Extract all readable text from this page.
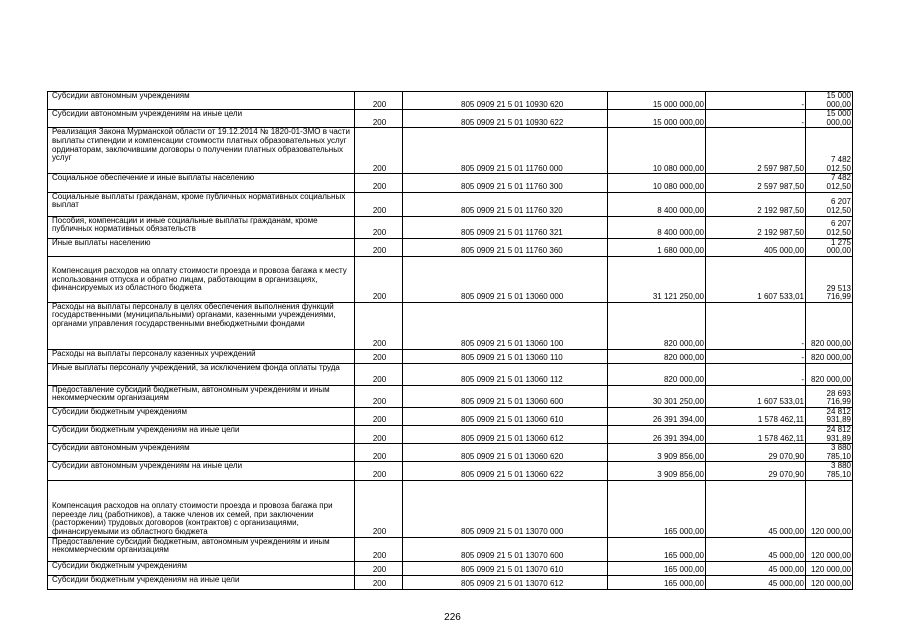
Субсидии автономным учреждениям	200	805 0909 21 5 01 10930 620	15 000 000,00	-	15 000 000,00
Субсидии автономным учреждениям на иные цели	200	805 0909 21 5 01 10930 622	15 000 000,00	-	15 000 000,00
Реализация Закона Мурманской области от 19.12.2014 № 1820-01-ЗМО в части выплаты стипендии и компенсации стоимости платных образовательных услуг ординаторам, заключившим договоры о получении платных образовательных услуг	200	805 0909 21 5 01 11760 000	10 080 000,00	2 597 987,50	7 482 012,50
Социальное обеспечение и иные выплаты населению	200	805 0909 21 5 01 11760 300	10 080 000,00	2 597 987,50	7 482 012,50
Социальные выплаты гражданам, кроме публичных нормативных социальных выплат	200	805 0909 21 5 01 11760 320	8 400 000,00	2 192 987,50	6 207 012,50
Пособия, компенсации и иные социальные выплаты гражданам, кроме публичных нормативных обязательств	200	805 0909 21 5 01 11760 321	8 400 000,00	2 192 987,50	6 207 012,50
Иные выплаты населению	200	805 0909 21 5 01 11760 360	1 680 000,00	405 000,00	1 275 000,00
Компенсация расходов на оплату стоимости проезда и провоза багажа к месту использования отпуска и обратно лицам, работающим в организациях, финансируемых из областного бюджета	200	805 0909 21 5 01 13060 000	31 121 250,00	1 607 533,01	29 513 716,99
Расходы на выплаты персоналу в целях обеспечения выполнения функций государственными (муниципальными) органами, казенными учреждениями, органами управления государственными внебюджетными фондами	200	805 0909 21 5 01 13060 100	820 000,00	-	820 000,00
Расходы на выплаты персоналу казенных учреждений	200	805 0909 21 5 01 13060 110	820 000,00	-	820 000,00
Иные выплаты персоналу учреждений, за исключением фонда оплаты труда	200	805 0909 21 5 01 13060 112	820 000,00	-	820 000,00
Предоставление субсидий бюджетным, автономным учреждениям и иным некоммерческим организациям	200	805 0909 21 5 01 13060 600	30 301 250,00	1 607 533,01	28 693 716,99
Субсидии бюджетным учреждениям	200	805 0909 21 5 01 13060 610	26 391 394,00	1 578 462,11	24 812 931,89
Субсидии бюджетным учреждениям на иные цели	200	805 0909 21 5 01 13060 612	26 391 394,00	1 578 462,11	24 812 931,89
Субсидии автономным учреждениям	200	805 0909 21 5 01 13060 620	3 909 856,00	29 070,90	3 880 785,10
Субсидии автономным учреждениям на иные цели	200	805 0909 21 5 01 13060 622	3 909 856,00	29 070,90	3 880 785,10
Компенсация расходов на оплату стоимости проезда и провоза багажа при переезде лиц (работников), а также членов их семей, при заключении (расторжении) трудовых договоров (контрактов) с организациями, финансируемыми из областного бюджета	200	805 0909 21 5 01 13070 000	165 000,00	45 000,00	120 000,00
Предоставление субсидий бюджетным, автономным учреждениям и иным некоммерческим организациям	200	805 0909 21 5 01 13070 600	165 000,00	45 000,00	120 000,00
Субсидии бюджетным учреждениям	200	805 0909 21 5 01 13070 610	165 000,00	45 000,00	120 000,00
Субсидии бюджетным учреждениям на иные цели	200	805 0909 21 5 01 13070 612	165 000,00	45 000,00	120 000,00
226
